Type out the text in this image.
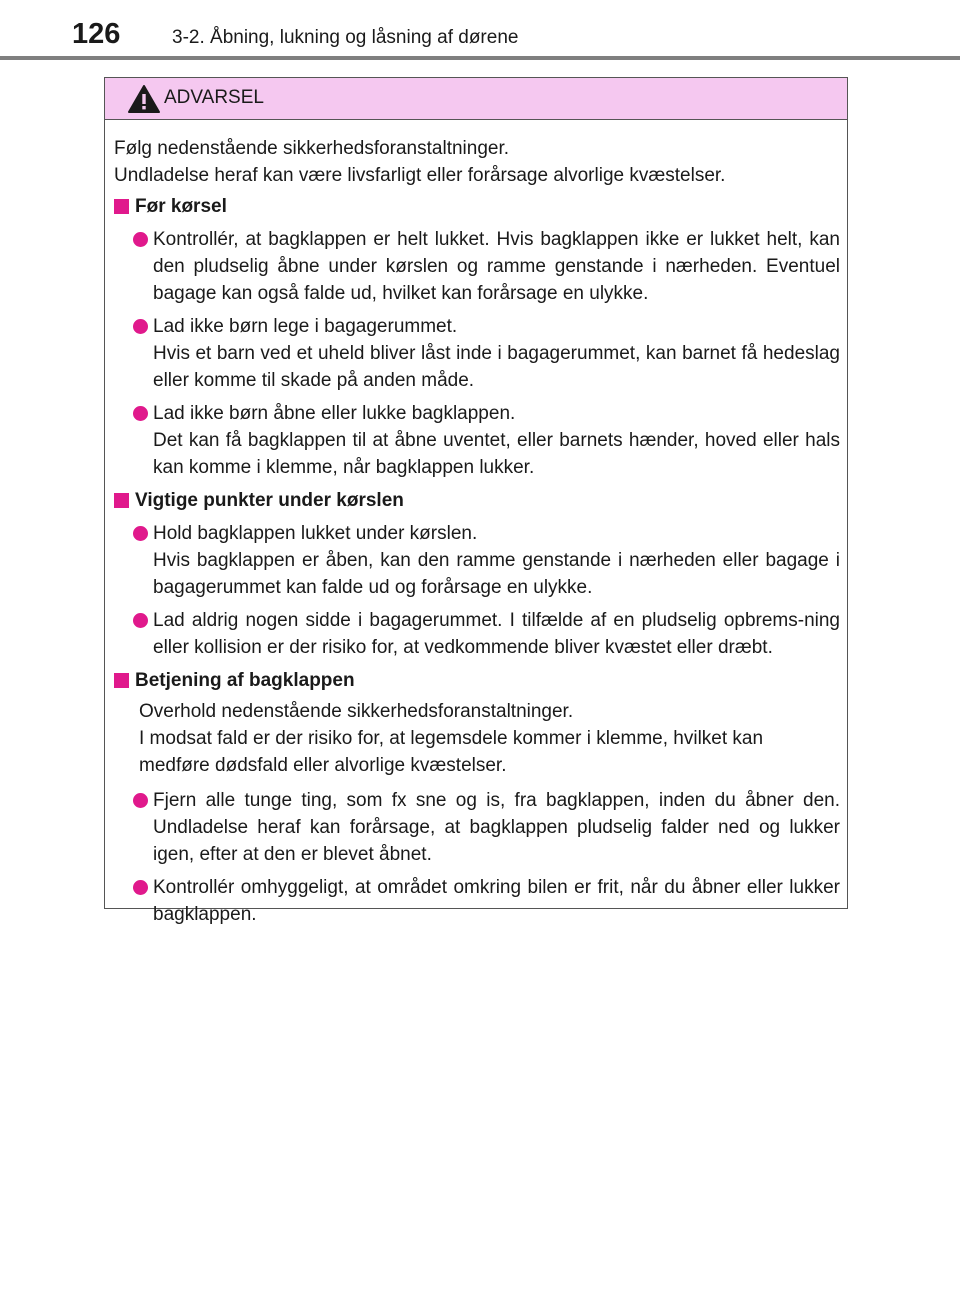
126	3-2. Åbning, lukning og låsning af dørene
ADVARSEL
Følg nedenstående sikkerhedsforanstaltninger.
Undladelse heraf kan være livsfarligt eller forårsage alvorlige kvæstelser.
Før kørsel
Kontrollér, at bagklappen er helt lukket. Hvis bagklappen ikke er lukket helt, kan den pludselig åbne under kørslen og ramme genstande i nærheden. Eventuel bagage kan også falde ud, hvilket kan forårsage en ulykke.
Lad ikke børn lege i bagagerummet.
Hvis et barn ved et uheld bliver låst inde i bagagerummet, kan barnet få hedeslag eller komme til skade på anden måde.
Lad ikke børn åbne eller lukke bagklappen.
Det kan få bagklappen til at åbne uventet, eller barnets hænder, hoved eller hals kan komme i klemme, når bagklappen lukker.
Vigtige punkter under kørslen
Hold bagklappen lukket under kørslen.
Hvis bagklappen er åben, kan den ramme genstande i nærheden eller bagage i bagagerummet kan falde ud og forårsage en ulykke.
Lad aldrig nogen sidde i bagagerummet. I tilfælde af en pludselig opbrems-ning eller kollision er der risiko for, at vedkommende bliver kvæstet eller dræbt.
Betjening af bagklappen
Overhold nedenstående sikkerhedsforanstaltninger.
I modsat fald er der risiko for, at legemsdele kommer i klemme, hvilket kan
medføre dødsfald eller alvorlige kvæstelser.
Fjern alle tunge ting, som fx sne og is, fra bagklappen, inden du åbner den. Undladelse heraf kan forårsage, at bagklappen pludselig falder ned og lukker igen, efter at den er blevet åbnet.
Kontrollér omhyggeligt, at området omkring bilen er frit, når du åbner eller lukker bagklappen.
